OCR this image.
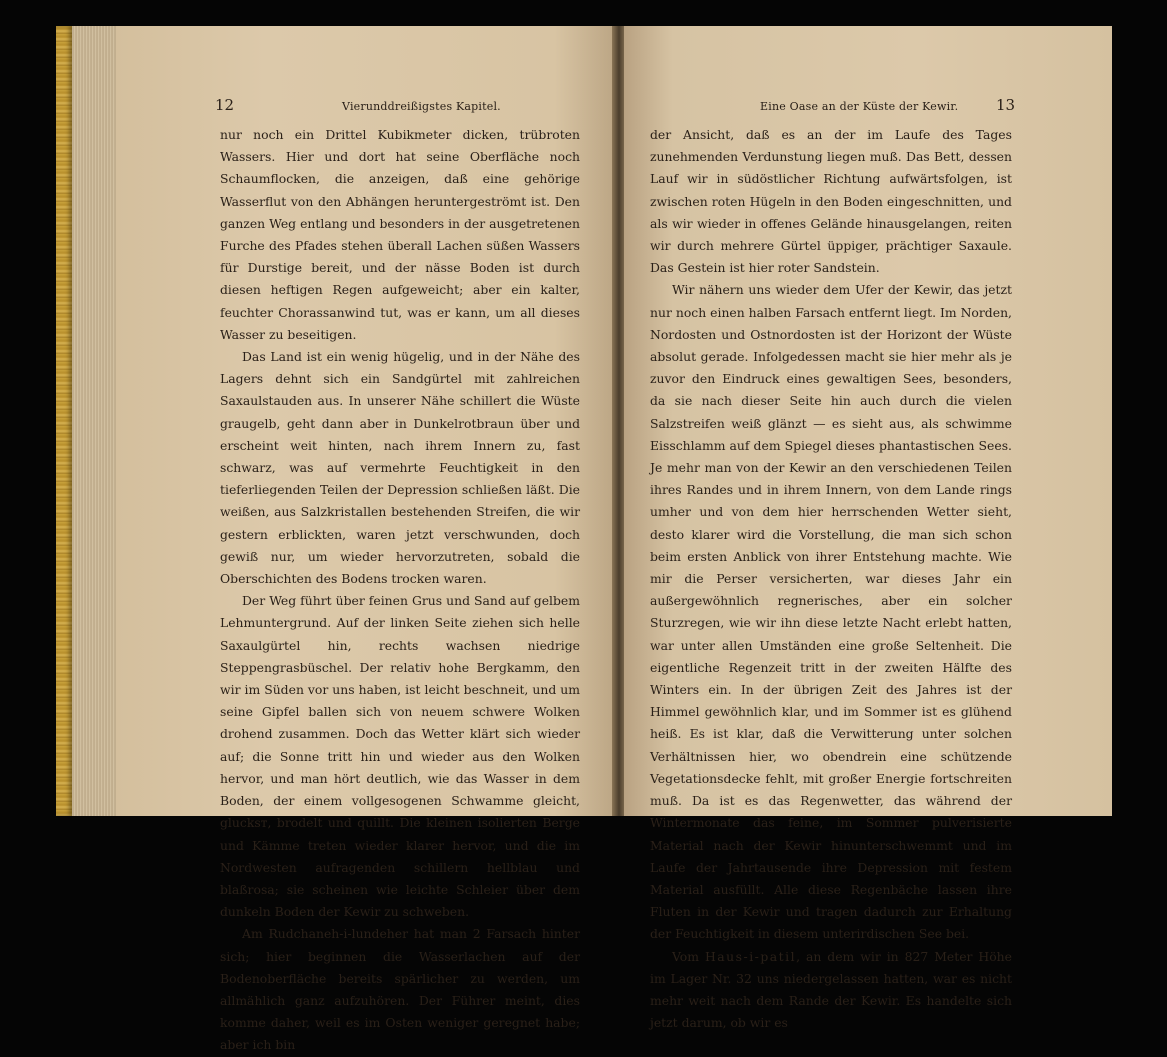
12	Vierunddreißigstes Kapitel.

nur noch ein Drittel Kubikmeter dicken, trübroten Wassers. Hier und dort hat seine Oberfläche noch Schaumflocken, die anzeigen, daß eine gehörige Wasserflut von den Abhängen heruntergeströmt ist. Den ganzen Weg entlang und besonders in der ausgetretenen Furche des Pfades stehen überall Lachen süßen Wassers für Durstige bereit, und der nässe Boden ist durch diesen heftigen Regen aufgeweicht; aber ein kalter, feuchter Chorassanwind tut, was er kann, um all dieses Wasser zu beseitigen.

Das Land ist ein wenig hügelig, und in der Nähe des Lagers dehnt sich ein Sandgürtel mit zahlreichen Saxaulstauden aus. In unserer Nähe schillert die Wüste graugelb, geht dann aber in Dunkelrotbraun über und erscheint weit hinten, nach ihrem Innern zu, fast schwarz, was auf vermehrte Feuchtigkeit in den tieferliegenden Teilen der Depression schließen läßt. Die weißen, aus Salzkristallen bestehenden Streifen, die wir gestern erblickten, waren jetzt verschwunden, doch gewiß nur, um wieder hervorzutreten, sobald die Oberschichten des Bodens trocken waren.

Der Weg führt über feinen Grus und Sand auf gelbem Lehmuntergrund. Auf der linken Seite ziehen sich helle Saxaulgürtel hin, rechts wachsen niedrige Steppengrasbüschel. Der relativ hohe Bergkamm, den wir im Süden vor uns haben, ist leicht beschneit, und um seine Gipfel ballen sich von neuem schwere Wolken drohend zusammen. Doch das Wetter klärt sich wieder auf; die Sonne tritt hin und wieder aus den Wolken hervor, und man hört deutlich, wie das Wasser in dem Boden, der einem vollgesogenen Schwamme gleicht, glucksт, brodelt und quillt. Die kleinen isolierten Berge und Kämme treten wieder klarer hervor, und die im Nordwesten aufragenden schillern hellblau und blaßrosa; sie scheinen wie leichte Schleier über dem dunkeln Boden der Kewir zu schweben.

Am Rudchaneh-i-lundeher hat man 2 Farsach hinter sich; hier beginnen die Wasserlachen auf der Bodenoberfläche bereits spärlicher zu werden, um allmählich ganz aufzuhören. Der Führer meint, dies komme daher, weil es im Osten weniger geregnet habe; aber ich bin

Eine Oase an der Küste der Kewir.	13

der Ansicht, daß es an der im Laufe des Tages zunehmenden Verdunstung liegen muß. Das Bett, dessen Lauf wir in südöstlicher Richtung aufwärtsfolgen, ist zwischen roten Hügeln in den Boden eingeschnitten, und als wir wieder in offenes Gelände hinausgelangen, reiten wir durch mehrere Gürtel üppiger, prächtiger Saxaule. Das Gestein ist hier roter Sandstein.

Wir nähern uns wieder dem Ufer der Kewir, das jetzt nur noch einen halben Farsach entfernt liegt. Im Norden, Nordosten und Ostnordosten ist der Horizont der Wüste absolut gerade. Infolgedessen macht sie hier mehr als je zuvor den Eindruck eines gewaltigen Sees, besonders, da sie nach dieser Seite hin auch durch die vielen Salzstreifen weiß glänzt — es sieht aus, als schwimme Eisschlamm auf dem Spiegel dieses phantastischen Sees. Je mehr man von der Kewir an den verschiedenen Teilen ihres Randes und in ihrem Innern, von dem Lande rings umher und von dem hier herrschenden Wetter sieht, desto klarer wird die Vorstellung, die man sich schon beim ersten Anblick von ihrer Entstehung machte. Wie mir die Perser versicherten, war dieses Jahr ein außergewöhnlich regnerisches, aber ein solcher Sturzregen, wie wir ihn diese letzte Nacht erlebt hatten, war unter allen Umständen eine große Seltenheit. Die eigentliche Regenzeit tritt in der zweiten Hälfte des Winters ein. In der übrigen Zeit des Jahres ist der Himmel gewöhnlich klar, und im Sommer ist es glühend heiß. Es ist klar, daß die Verwitterung unter solchen Verhältnissen hier, wo obendrein eine schützende Vegetationsdecke fehlt, mit großer Energie fortschreiten muß. Da ist es das Regenwetter, das während der Wintermonate das feine, im Sommer pulverisierte Material nach der Kewir hinunterschwemmt und im Laufe der Jahrtausende ihre Depression mit festem Material ausfüllt. Alle diese Regenbäche lassen ihre Fluten in der Kewir und tragen dadurch zur Erhaltung der Feuchtigkeit in diesem unterirdischen See bei.

Vom Haus-i-patil, an dem wir in 827 Meter Höhe im Lager Nr. 32 uns niedergelassen hatten, war es nicht mehr weit nach dem Rande der Kewir. Es handelte sich jetzt darum, ob wir es
